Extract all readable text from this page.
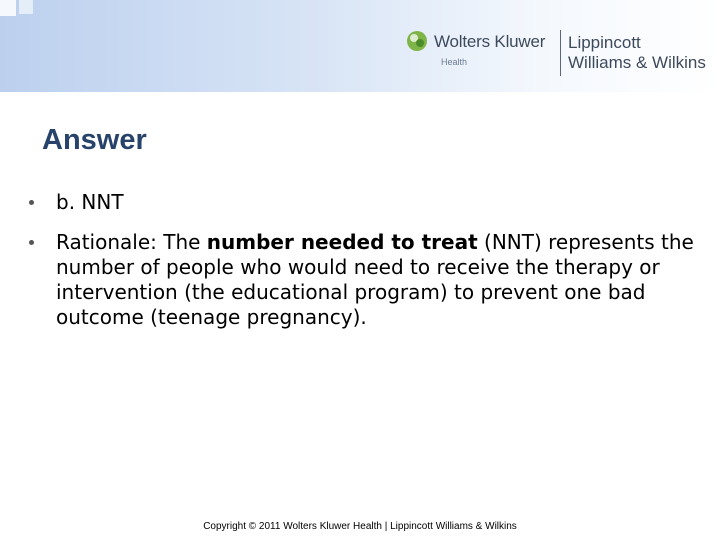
Wolters Kluwer
Health
Lippincott
Williams & Wilkins
Answer
b. NNT
Rationale: The number needed to treat (NNT) represents the number of people who would need to receive the therapy or intervention (the educational program) to prevent one bad outcome (teenage pregnancy).
Copyright © 2011 Wolters Kluwer Health | Lippincott Williams & Wilkins
